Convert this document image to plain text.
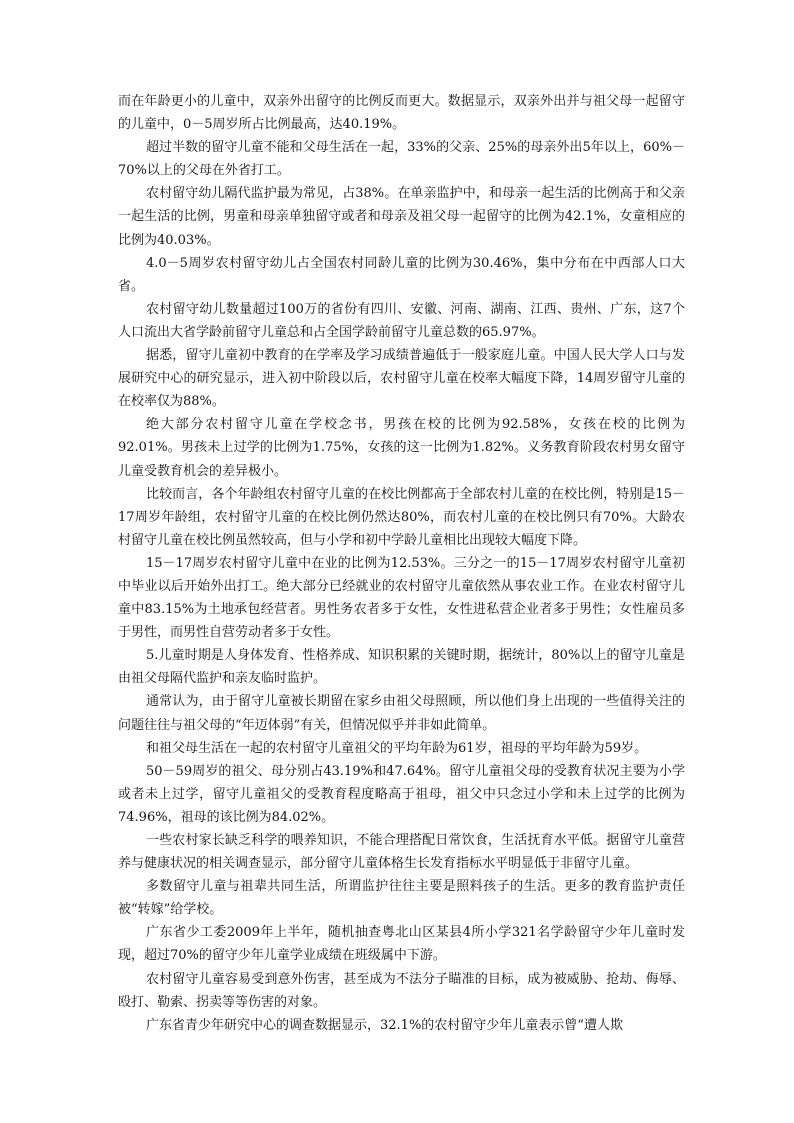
而在年龄更小的儿童中，双亲外出留守的比例反而更大。数据显示，双亲外出并与祖父母一起留守的儿童中，0－5周岁所占比例最高，达40.19%。

超过半数的留守儿童不能和父母生活在一起，33%的父亲、25%的母亲外出5年以上，60%－70%以上的父母在外省打工。

农村留守幼儿隔代监护最为常见，占38%。在单亲监护中，和母亲一起生活的比例高于和父亲一起生活的比例，男童和母亲单独留守或者和母亲及祖父母一起留守的比例为42.1%，女童相应的比例为40.03%。

4.0－5周岁农村留守幼儿占全国农村同龄儿童的比例为30.46%，集中分布在中西部人口大省。

农村留守幼儿数量超过100万的省份有四川、安徽、河南、湖南、江西、贵州、广东，这7个人口流出大省学龄前留守儿童总和占全国学龄前留守儿童总数的65.97%。

据悉，留守儿童初中教育的在学率及学习成绩普遍低于一般家庭儿童。中国人民大学人口与发展研究中心的研究显示，进入初中阶段以后，农村留守儿童在校率大幅度下降，14周岁留守儿童的在校率仅为88%。

绝大部分农村留守儿童在学校念书，男孩在校的比例为92.58%，女孩在校的比例为92.01%。男孩未上过学的比例为1.75%，女孩的这一比例为1.82%。义务教育阶段农村男女留守儿童受教育机会的差异极小。

比较而言，各个年龄组农村留守儿童的在校比例都高于全部农村儿童的在校比例，特别是15－17周岁年龄组，农村留守儿童的在校比例仍然达80%，而农村儿童的在校比例只有70%。大龄农村留守儿童在校比例虽然较高，但与小学和初中学龄儿童相比出现较大幅度下降。

15－17周岁农村留守儿童中在业的比例为12.53%。三分之一的15－17周岁农村留守儿童初中毕业以后开始外出打工。绝大部分已经就业的农村留守儿童依然从事农业工作。在业农村留守儿童中83.15%为土地承包经营者。男性务农者多于女性，女性进私营企业者多于男性；女性雇员多于男性，而男性自营劳动者多于女性。

5.儿童时期是人身体发育、性格养成、知识积累的关键时期，据统计，80%以上的留守儿童是由祖父母隔代监护和亲友临时监护。

通常认为，由于留守儿童被长期留在家乡由祖父母照顾，所以他们身上出现的一些值得关注的问题往往与祖父母的“年迈体弱”有关，但情况似乎并非如此简单。

和祖父母生活在一起的农村留守儿童祖父的平均年龄为61岁，祖母的平均年龄为59岁。

50－59周岁的祖父、母分别占43.19%和47.64%。留守儿童祖父母的受教育状况主要为小学或者未上过学，留守儿童祖父的受教育程度略高于祖母，祖父中只念过小学和未上过学的比例为74.96%，祖母的该比例为84.02%。

一些农村家长缺乏科学的喂养知识，不能合理搭配日常饮食，生活抚育水平低。据留守儿童营养与健康状况的相关调查显示，部分留守儿童体格生长发育指标水平明显低于非留守儿童。

多数留守儿童与祖辈共同生活，所谓监护往往主要是照料孩子的生活。更多的教育监护责任被“转嫁”给学校。

广东省少工委2009年上半年，随机抽查粤北山区某县4所小学321名学龄留守少年儿童时发现，超过70%的留守少年儿童学业成绩在班级属中下游。

农村留守儿童容易受到意外伤害，甚至成为不法分子瞄准的目标，成为被威胁、抢劫、侮辱、殴打、勒索、拐卖等等伤害的对象。

广东省青少年研究中心的调查数据显示，32.1%的农村留守少年儿童表示曾“遭人欺
